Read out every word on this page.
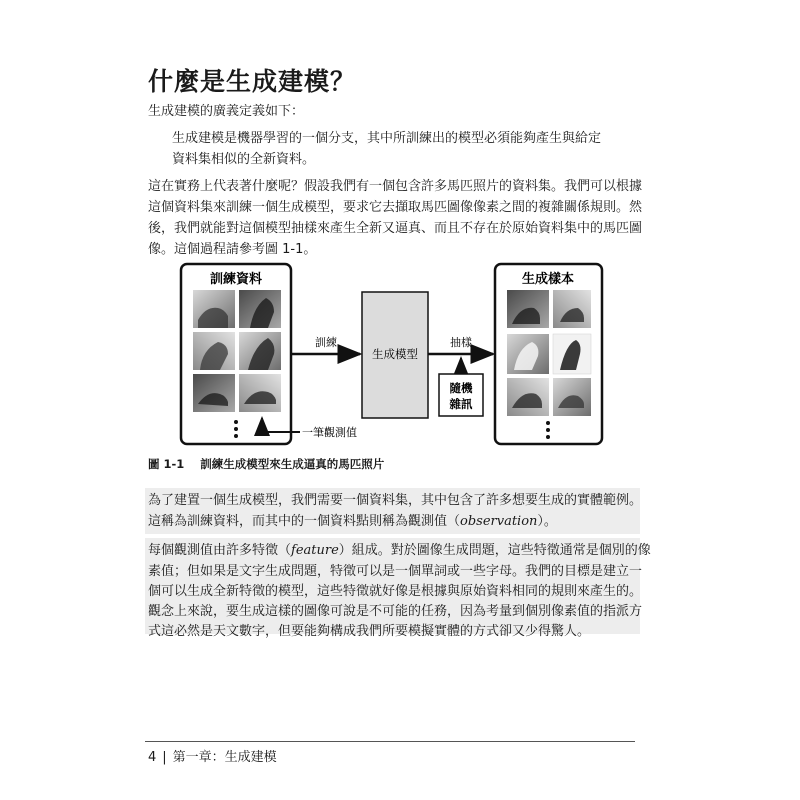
什麼是生成建模？
生成建模的廣義定義如下：
生成建模是機器學習的一個分支，其中所訓練出的模型必須能夠產生與給定
資料集相似的全新資料。
這在實務上代表著什麼呢？假設我們有一個包含許多馬匹照片的資料集。我們可以根據
這個資料集來訓練一個生成模型，要求它去擷取馬匹圖像像素之間的複雜關係規則。然
後，我們就能對這個模型抽樣來產生全新又逼真、而且不存在於原始資料集中的馬匹圖
像。這個過程請參考圖 1-1。
訓練資料
一筆觀測值
訓練
生成模型
抽樣
隨機
雜訊
生成樣本
圖 1-1 訓練生成模型來生成逼真的馬匹照片
為了建置一個生成模型，我們需要一個資料集，其中包含了許多想要生成的實體範例。
這稱為訓練資料，而其中的一個資料點則稱為觀測值（observation）。
每個觀測值由許多特徵（feature）組成。對於圖像生成問題，這些特徵通常是個別的像
素值；但如果是文字生成問題，特徵可以是一個單詞或一些字母。我們的目標是建立一
個可以生成全新特徵的模型，這些特徵就好像是根據與原始資料相同的規則來產生的。
觀念上來說，要生成這樣的圖像可說是不可能的任務，因為考量到個別像素值的指派方
式這必然是天文數字，但要能夠構成我們所要模擬實體的方式卻又少得驚人。
4 | 第一章：生成建模
